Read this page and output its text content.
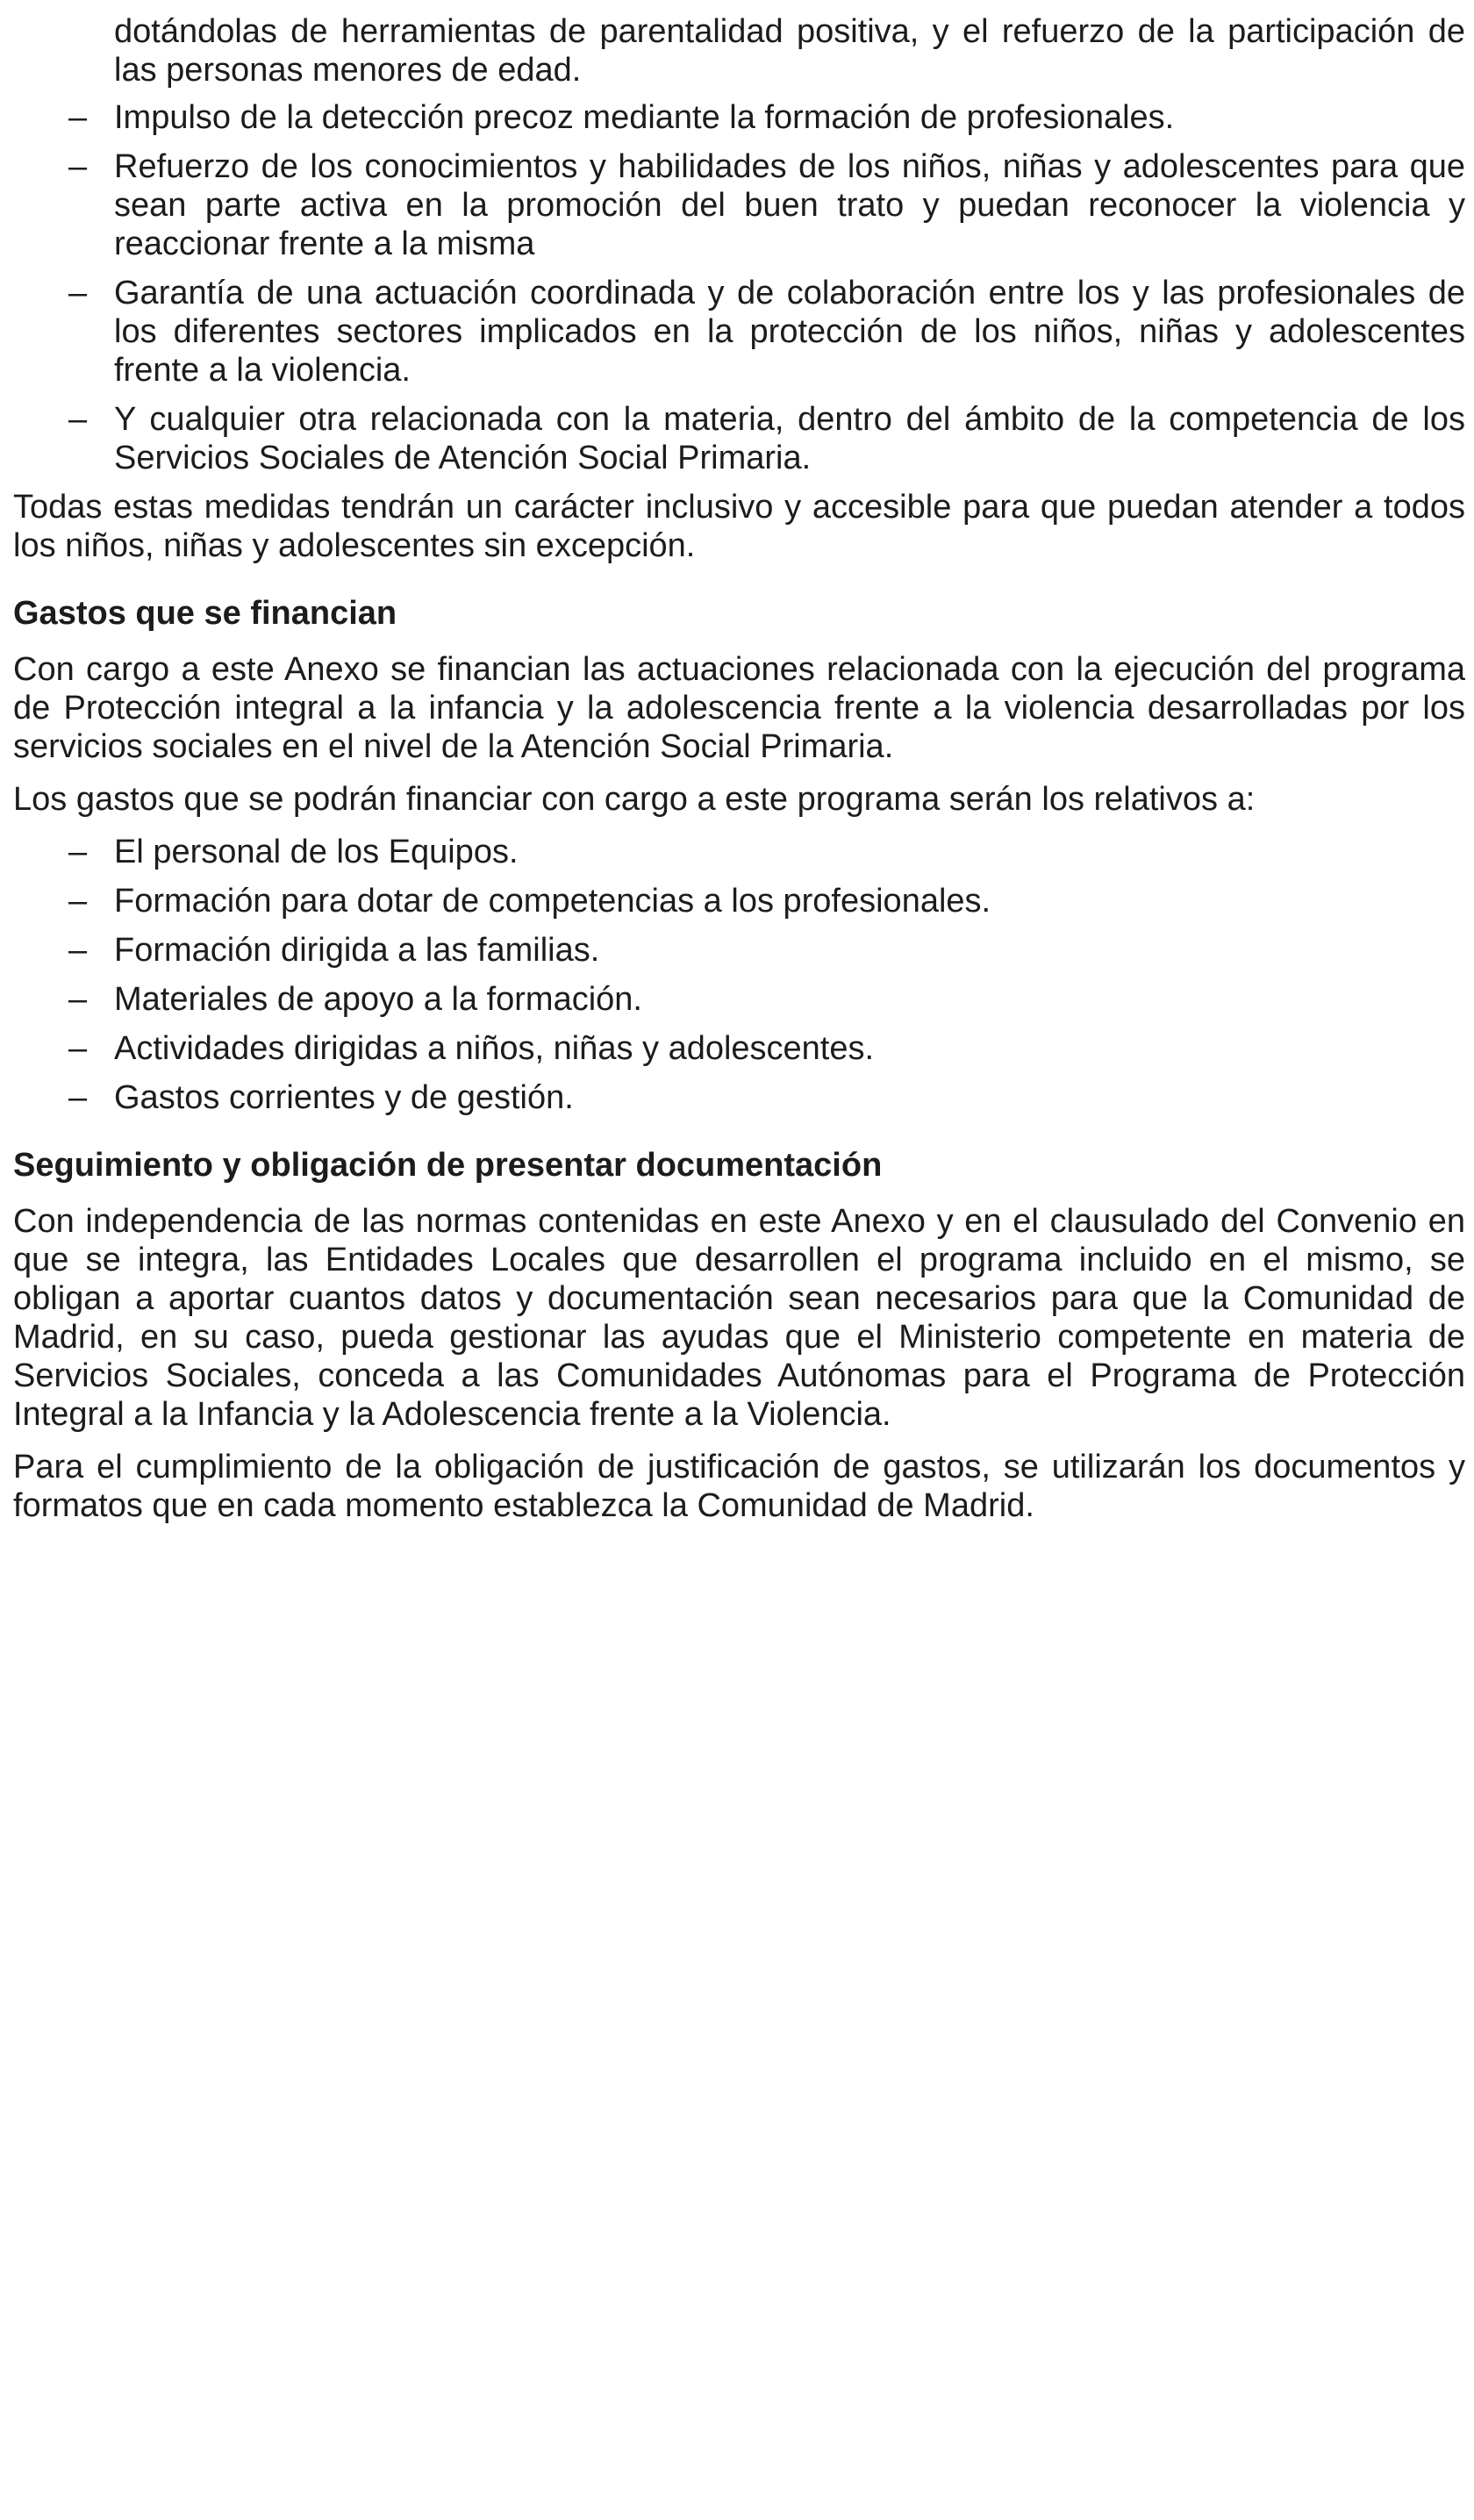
dotándolas de herramientas de parentalidad positiva, y el refuerzo de la participación de las personas menores de edad.

– Impulso de la detección precoz mediante la formación de profesionales.
– Refuerzo de los conocimientos y habilidades de los niños, niñas y adolescentes para que sean parte activa en la promoción del buen trato y puedan reconocer la violencia y reaccionar frente a la misma
– Garantía de una actuación coordinada y de colaboración entre los y las profesionales de los diferentes sectores implicados en la protección de los niños, niñas y adolescentes frente a la violencia.
– Y cualquier otra relacionada con la materia, dentro del ámbito de la competencia de los Servicios Sociales de Atención Social Primaria.

Todas estas medidas tendrán un carácter inclusivo y accesible para que puedan atender a todos los niños, niñas y adolescentes sin excepción.

Gastos que se financian

Con cargo a este Anexo se financian las actuaciones relacionada con la ejecución del programa de Protección integral a la infancia y la adolescencia frente a la violencia desarrolladas por los servicios sociales en el nivel de la Atención Social Primaria.

Los gastos que se podrán financiar con cargo a este programa serán los relativos a:

– El personal de los Equipos.
– Formación para dotar de competencias a los profesionales.
– Formación dirigida a las familias.
– Materiales de apoyo a la formación.
– Actividades dirigidas a niños, niñas y adolescentes.
– Gastos corrientes y de gestión.
Seguimiento y obligación de presentar documentación

Con independencia de las normas contenidas en este Anexo y en el clausulado del Convenio en que se integra, las Entidades Locales que desarrollen el programa incluido en el mismo, se obligan a aportar cuantos datos y documentación sean necesarios para que la Comunidad de Madrid, en su caso, pueda gestionar las ayudas que el Ministerio competente en materia de Servicios Sociales, conceda a las Comunidades Autónomas para el Programa de Protección Integral a la Infancia y la Adolescencia frente a la Violencia.

Para el cumplimiento de la obligación de justificación de gastos, se utilizarán los documentos y formatos que en cada momento establezca la Comunidad de Madrid.
